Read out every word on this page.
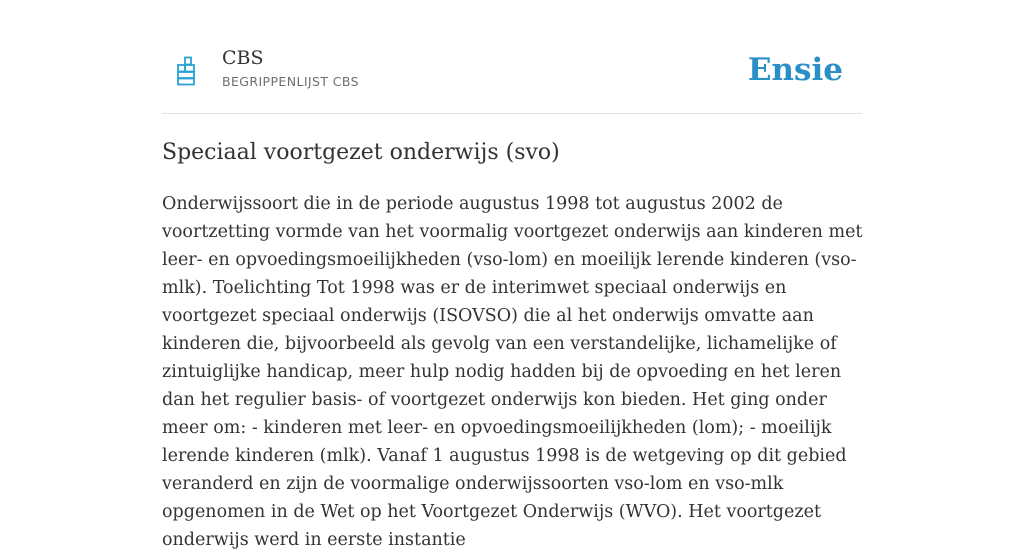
CBS
BEGRIPPENLIJST CBS	Ensie
Speciaal voortgezet onderwijs (svo)

Onderwijssoort die in de periode augustus 1998 tot augustus 2002 de voortzetting vormde van het voormalig voortgezet onderwijs aan kinderen met leer- en opvoedingsmoeilijkheden (vso-lom) en moeilijk lerende kinderen (vso-mlk). Toelichting Tot 1998 was er de interimwet speciaal onderwijs en voortgezet speciaal onderwijs (ISOVSO) die al het onderwijs omvatte aan kinderen die, bijvoorbeeld als gevolg van een verstandelijke, lichamelijke of zintuiglijke handicap, meer hulp nodig hadden bij de opvoeding en het leren dan het regulier basis- of voortgezet onderwijs kon bieden. Het ging onder meer om: - kinderen met leer- en opvoedingsmoeilijkheden (lom); - moeilijk lerende kinderen (mlk). Vanaf 1 augustus 1998 is de wetgeving op dit gebied veranderd en zijn de voormalige onderwijssoorten vso-lom en vso-mlk opgenomen in de Wet op het Voortgezet Onderwijs (WVO). Het voortgezet onderwijs werd in eerste instantie
